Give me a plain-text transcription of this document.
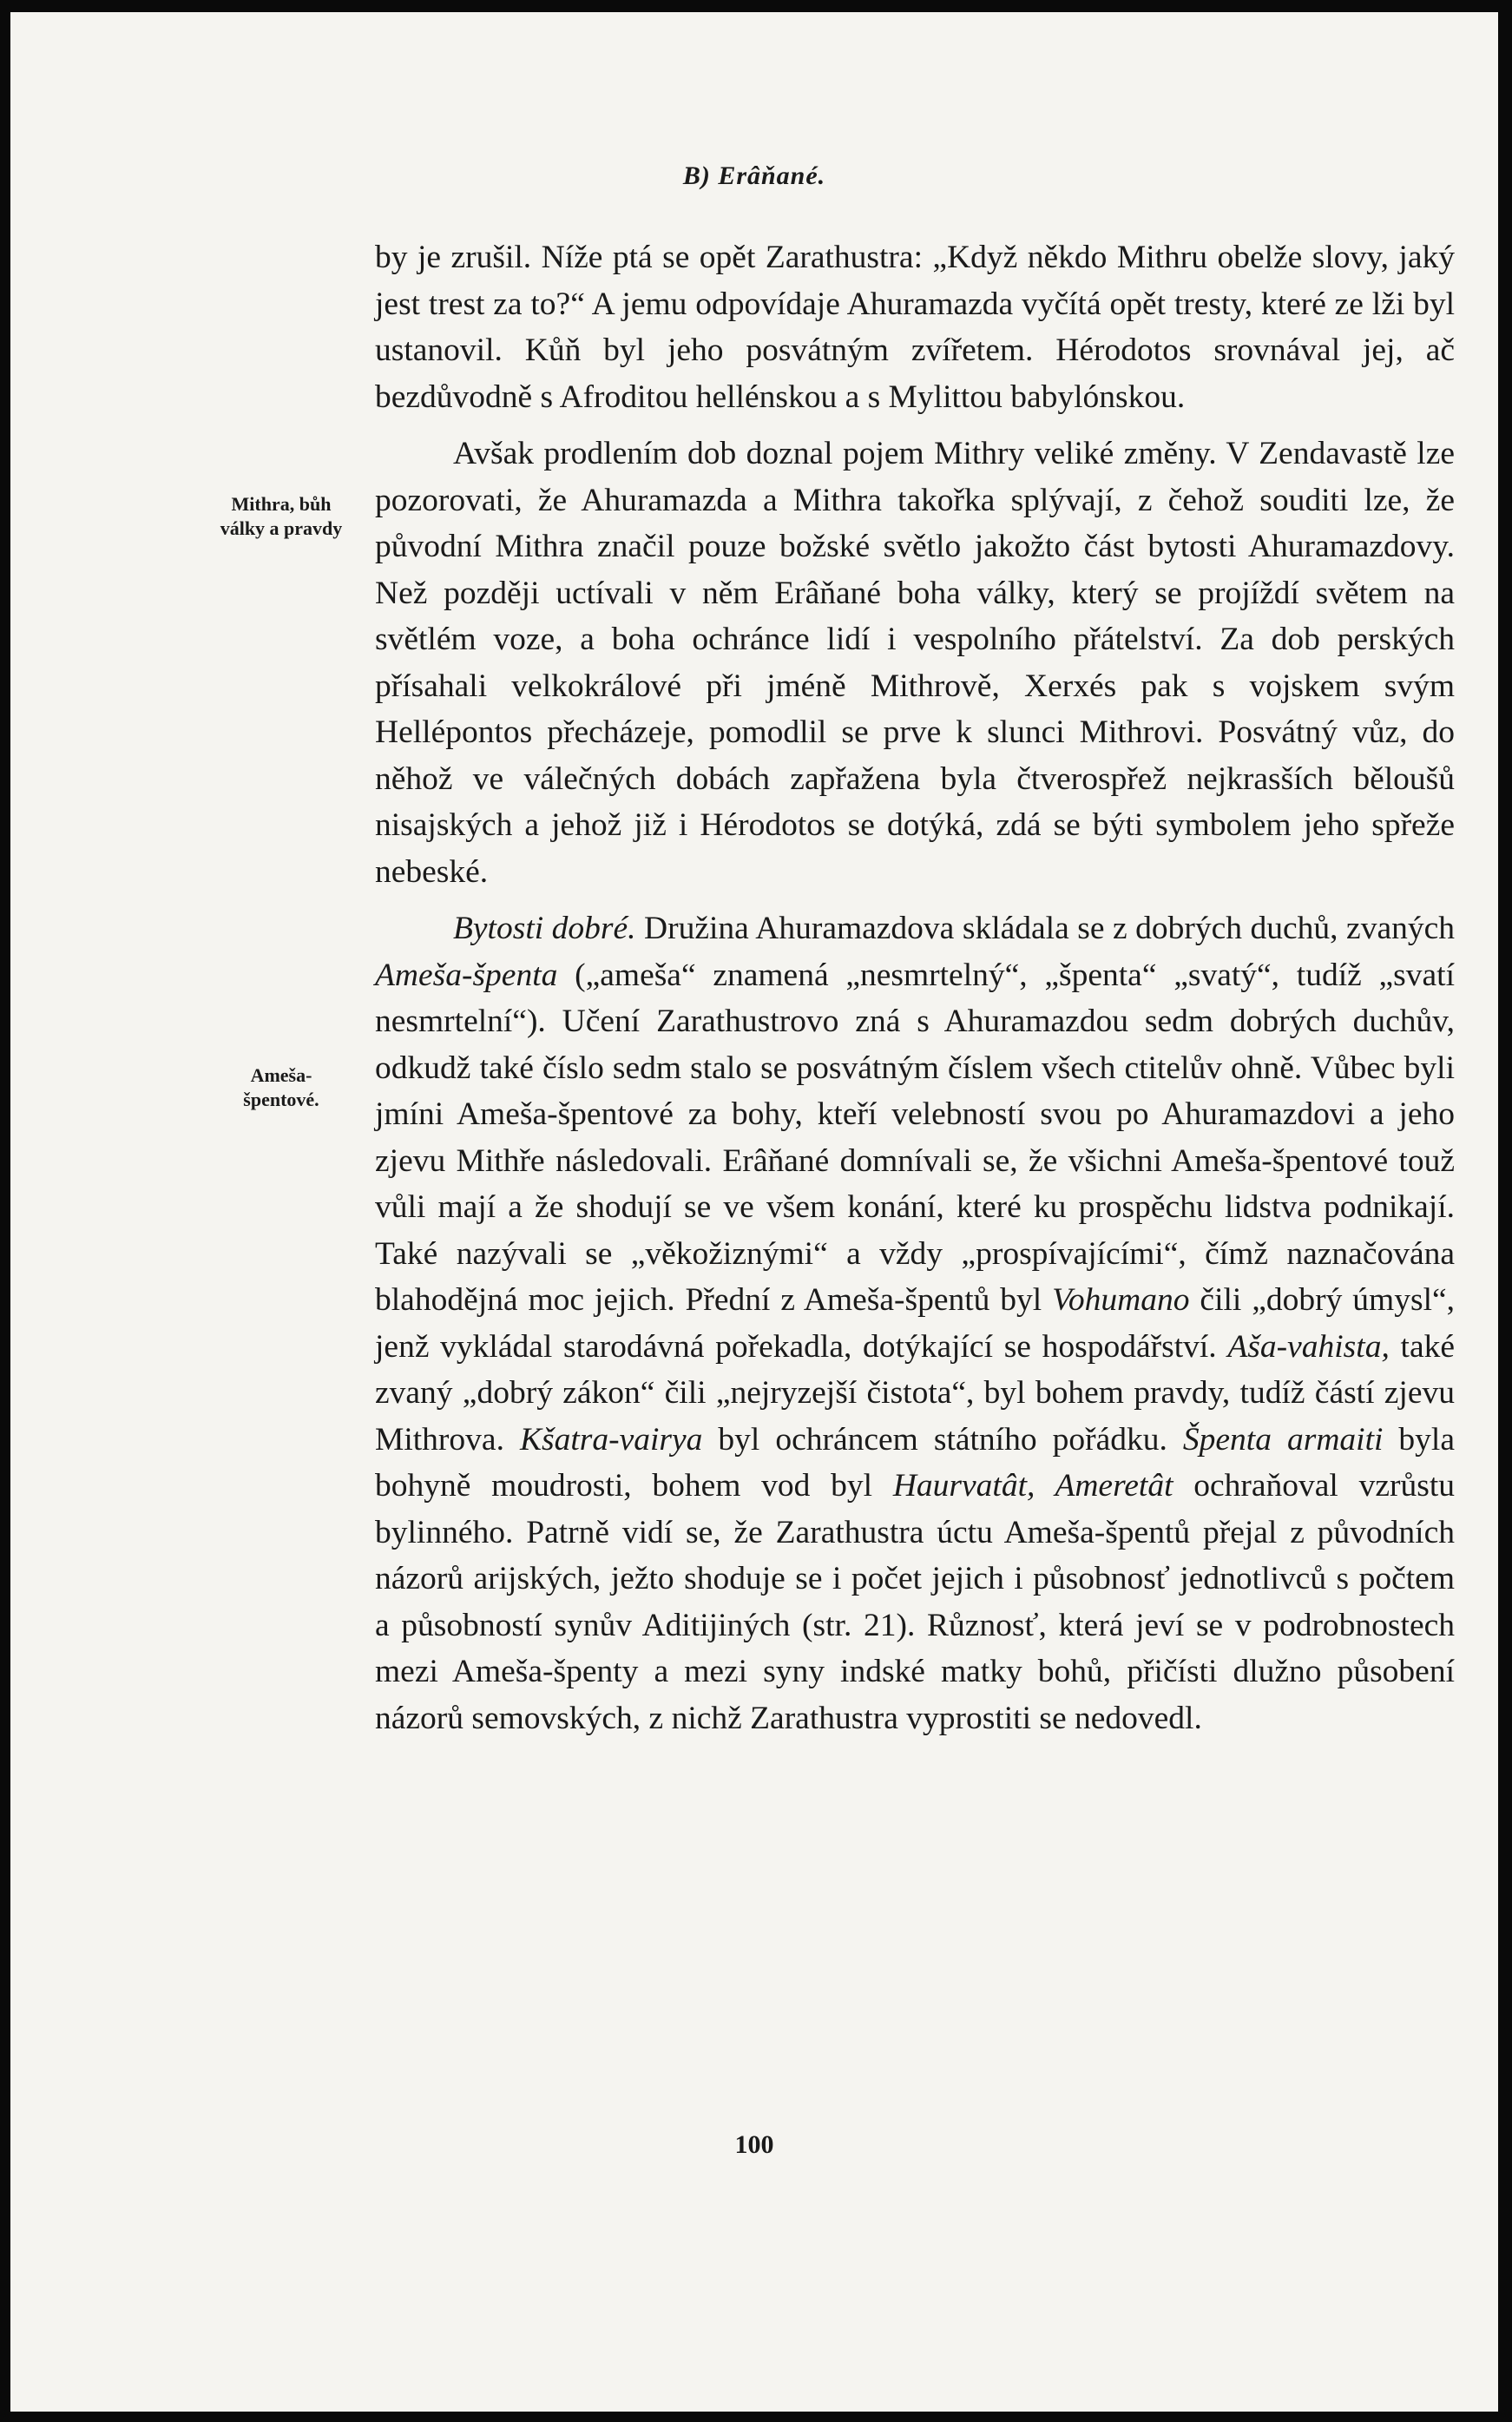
B) Erâňané.
Mithra, bůh
války a pravdy
Ameša-
špentové.

by je zrušil. Níže ptá se opět Zarathustra: „Když někdo Mithru obelže slovy, jaký jest trest za to?“ A jemu odpovídaje Ahuramazda vyčítá opět tresty, které ze lži byl ustanovil. Kůň byl jeho posvátným zvířetem. Hérodotos srovnával jej, ač bezdůvodně s Afroditou hellénskou a s Mylittou babylónskou.

Avšak prodlením dob doznal pojem Mithry veliké změny. V Zendavastě lze pozorovati, že Ahuramazda a Mithra takořka splývají, z čehož souditi lze, že původní Mithra značil pouze božské světlo jakožto část bytosti Ahuramazdovy. Než později uctívali v něm Erâňané boha války, který se projíždí světem na světlém voze, a boha ochránce lidí i vespolního přátelství. Za dob perských přísahali velkokrálové při jméně Mithrově, Xerxés pak s vojskem svým Hellépontos přecházeje, pomodlil se prve k slunci Mithrovi. Posvátný vůz, do něhož ve válečných dobách zapřažena byla čtverospřež nejkrasších běloušů nisajských a jehož již i Hérodotos se dotýká, zdá se býti symbolem jeho spřeže nebeské.

Bytosti dobré. Družina Ahuramazdova skládala se z dobrých duchů, zvaných Ameša-špenta („ameša“ znamená „nesmrtelný“, „špenta“ „svatý“, tudíž „svatí nesmrtelní“). Učení Zarathustrovo zná s Ahuramazdou sedm dobrých duchův, odkudž také číslo sedm stalo se posvátným číslem všech ctitelův ohně. Vůbec byli jmíni Ameša-špentové za bohy, kteří velebností svou po Ahuramazdovi a jeho zjevu Mithře následovali. Erâňané domnívali se, že všichni Ameša-špentové touž vůli mají a že shodují se ve všem konání, které ku prospěchu lidstva podnikají. Také nazývali se „věkožiznými“ a vždy „prospívajícími“, čímž naznačována blahodějná moc jejich. Přední z Ameša-špentů byl Vohumano čili „dobrý úmysl“, jenž vykládal starodávná pořekadla, dotýkající se hospodářství. Aša-vahista, také zvaný „dobrý zákon“ čili „nejryzejší čistota“, byl bohem pravdy, tudíž částí zjevu Mithrova. Kšatra-vairya byl ochráncem státního pořádku. Špenta armaiti byla bohyně moudrosti, bohem vod byl Haurvatât, Ameretât ochraňoval vzrůstu bylinného. Patrně vidí se, že Zarathustra úctu Ameša-špentů přejal z původních názorů arijských, ježto shoduje se i počet jejich i působnosť jednotlivců s počtem a působností synův Aditijiných (str. 21). Různosť, která jeví se v podrobnostech mezi Ameša-špenty a mezi syny indské matky bohů, přičísti dlužno působení názorů semovských, z nichž Zarathustra vyprostiti se nedovedl.

100
